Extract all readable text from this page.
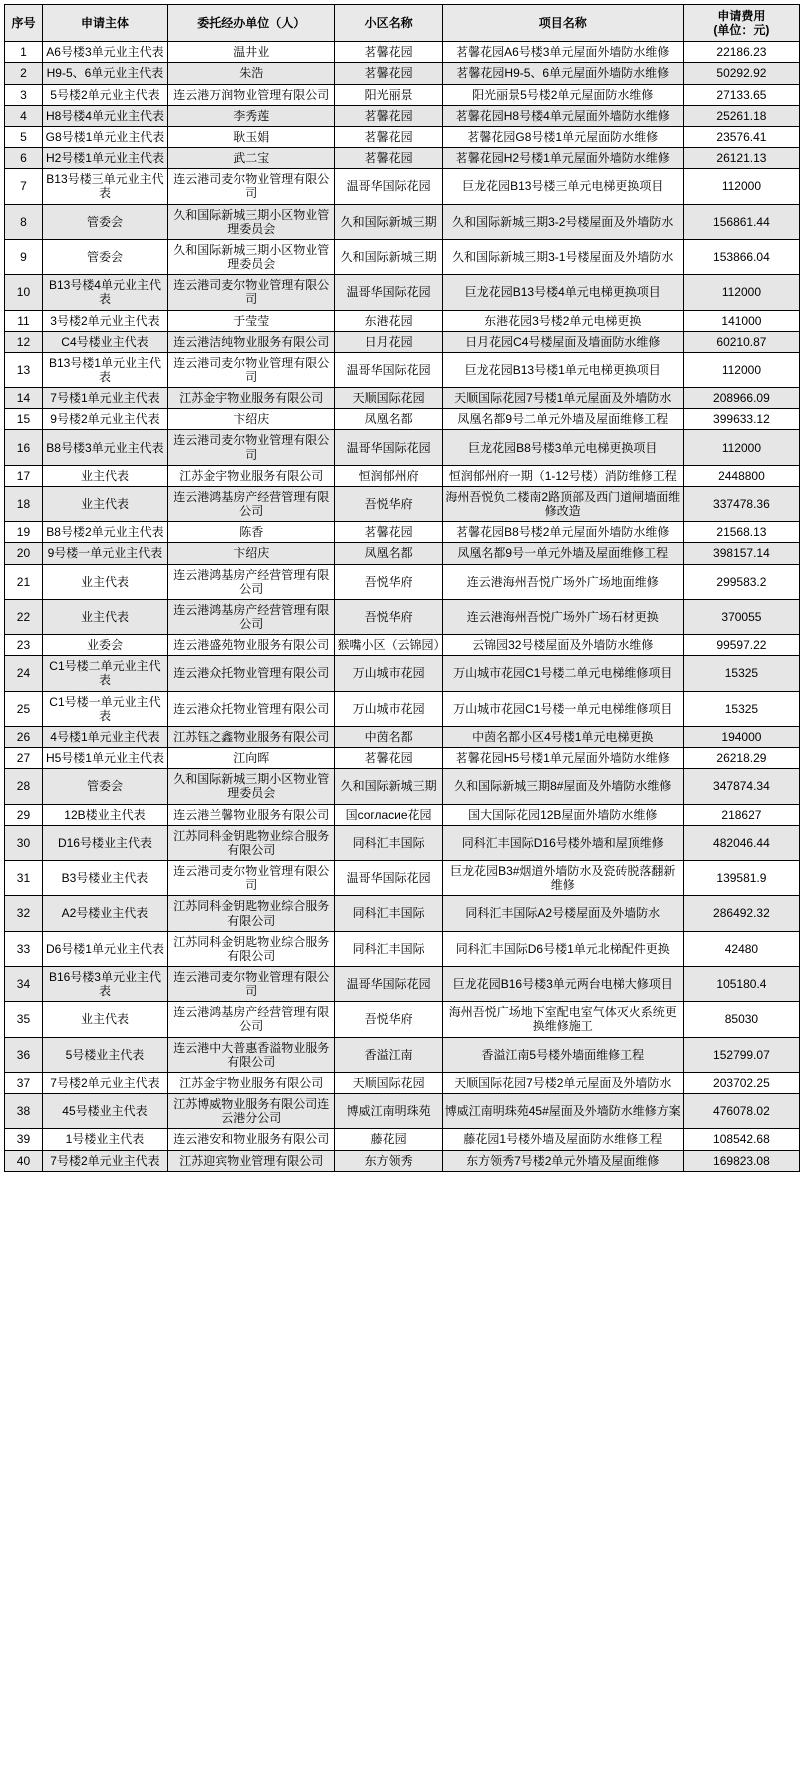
序号	申请主体	委托经办单位（人）	小区名称	项目名称	申请费用
(单位：元)

1	A6号楼3单元业主代表	温井业	茗馨花园	茗馨花园A6号楼3单元屋面外墙防水维修	22186.23
2	H9-5、6单元业主代表	朱浩	茗馨花园	茗馨花园H9-5、6单元屋面外墙防水维修	50292.92
3	5号楼2单元业主代表	连云港万润物业管理有限公司	阳光丽景	阳光丽景5号楼2单元屋面防水维修	27133.65
4	H8号楼4单元业主代表	李秀莲	茗馨花园	茗馨花园H8号楼4单元屋面外墙防水维修	25261.18
5	G8号楼1单元业主代表	耿玉娟	茗馨花园	茗馨花园G8号楼1单元屋面防水维修	23576.41
6	H2号楼1单元业主代表	武二宝	茗馨花园	茗馨花园H2号楼1单元屋面外墙防水维修	26121.13
7	B13号楼三单元业主代表	连云港司麦尔物业管理有限公司	温哥华国际花园	巨龙花园B13号楼三单元电梯更换项目	112000
8	管委会	久和国际新城三期小区物业管理委员会	久和国际新城三期	久和国际新城三期3-2号楼屋面及外墙防水	156861.44
9	管委会	久和国际新城三期小区物业管理委员会	久和国际新城三期	久和国际新城三期3-1号楼屋面及外墙防水	153866.04
10	B13号楼4单元业主代表	连云港司麦尔物业管理有限公司	温哥华国际花园	巨龙花园B13号楼4单元电梯更换项目	112000
11	3号楼2单元业主代表	于莹莹	东港花园	东港花园3号楼2单元电梯更换	141000
12	C4号楼业主代表	连云港洁纯物业服务有限公司	日月花园	日月花园C4号楼屋面及墙面防水维修	60210.87
13	B13号楼1单元业主代表	连云港司麦尔物业管理有限公司	温哥华国际花园	巨龙花园B13号楼1单元电梯更换项目	112000
14	7号楼1单元业主代表	江苏金宇物业服务有限公司	天顺国际花园	天顺国际花园7号楼1单元屋面及外墙防水	208966.09
15	9号楼2单元业主代表	卞绍庆	凤凰名都	凤凰名都9号二单元外墙及屋面维修工程	399633.12
16	B8号楼3单元业主代表	连云港司麦尔物业管理有限公司	温哥华国际花园	巨龙花园B8号楼3单元电梯更换项目	112000
17	业主代表	江苏金宇物业服务有限公司	恒润郁州府	恒润郁州府一期（1-12号楼）消防维修工程	2448800
18	业主代表	连云港鸿基房产经营管理有限公司	吾悦华府	海州吾悦负二楼南2路顶部及西门道闸墙面维修改造	337478.36
19	B8号楼2单元业主代表	陈香	茗馨花园	茗馨花园B8号楼2单元屋面外墙防水维修	21568.13
20	9号楼一单元业主代表	卞绍庆	凤凰名都	凤凰名都9号一单元外墙及屋面维修工程	398157.14
21	业主代表	连云港鸿基房产经营管理有限公司	吾悦华府	连云港海州吾悦广场外广场地面维修	299583.2
22	业主代表	连云港鸿基房产经营管理有限公司	吾悦华府	连云港海州吾悦广场外广场石材更换	370055
23	业委会	连云港盛苑物业服务有限公司	猴嘴小区（云锦园）	云锦园32号楼屋面及外墙防水维修	99597.22
24	C1号楼二单元业主代表	连云港众托物业管理有限公司	万山城市花园	万山城市花园C1号楼二单元电梯维修项目	15325
25	C1号楼一单元业主代表	连云港众托物业管理有限公司	万山城市花园	万山城市花园C1号楼一单元电梯维修项目	15325
26	4号楼1单元业主代表	江苏钰之鑫物业服务有限公司	中茵名都	中茵名都小区4号楼1单元电梯更换	194000
27	H5号楼1单元业主代表	江向晖	茗馨花园	茗馨花园H5号楼1单元屋面外墙防水维修	26218.29
28	管委会	久和国际新城三期小区物业管理委员会	久和国际新城三期	久和国际新城三期8#屋面及外墙防水维修	347874.34
29	12B楼业主代表	连云港兰馨物业服务有限公司	国согласие花园	国大国际花园12B屋面外墙防水维修	218627
30	D16号楼业主代表	江苏同科金钥匙物业综合服务有限公司	同科汇丰国际	同科汇丰国际D16号楼外墙和屋顶维修	482046.44
31	B3号楼业主代表	连云港司麦尔物业管理有限公司	温哥华国际花园	巨龙花园B3#烟道外墙防水及瓷砖脱落翻新维修	139581.9
32	A2号楼业主代表	江苏同科金钥匙物业综合服务有限公司	同科汇丰国际	同科汇丰国际A2号楼屋面及外墙防水	286492.32
33	D6号楼1单元业主代表	江苏同科金钥匙物业综合服务有限公司	同科汇丰国际	同科汇丰国际D6号楼1单元北梯配件更换	42480
34	B16号楼3单元业主代表	连云港司麦尔物业管理有限公司	温哥华国际花园	巨龙花园B16号楼3单元两台电梯大修项目	105180.4
35	业主代表	连云港鸿基房产经营管理有限公司	吾悦华府	海州吾悦广场地下室配电室气体灭火系统更换维修施工	85030
36	5号楼业主代表	连云港中大普惠香溢物业服务有限公司	香溢江南	香溢江南5号楼外墙面维修工程	152799.07
37	7号楼2单元业主代表	江苏金宇物业服务有限公司	天顺国际花园	天顺国际花园7号楼2单元屋面及外墙防水	203702.25
38	45号楼业主代表	江苏博威物业服务有限公司连云港分公司	博威江南明珠苑	博威江南明珠苑45#屋面及外墙防水维修方案	476078.02
39	1号楼业主代表	连云港安和物业服务有限公司	藤花园	藤花园1号楼外墙及屋面防水维修工程	108542.68
40	7号楼2单元业主代表	江苏迎宾物业管理有限公司	东方领秀	东方领秀7号楼2单元外墙及屋面维修	169823.08
